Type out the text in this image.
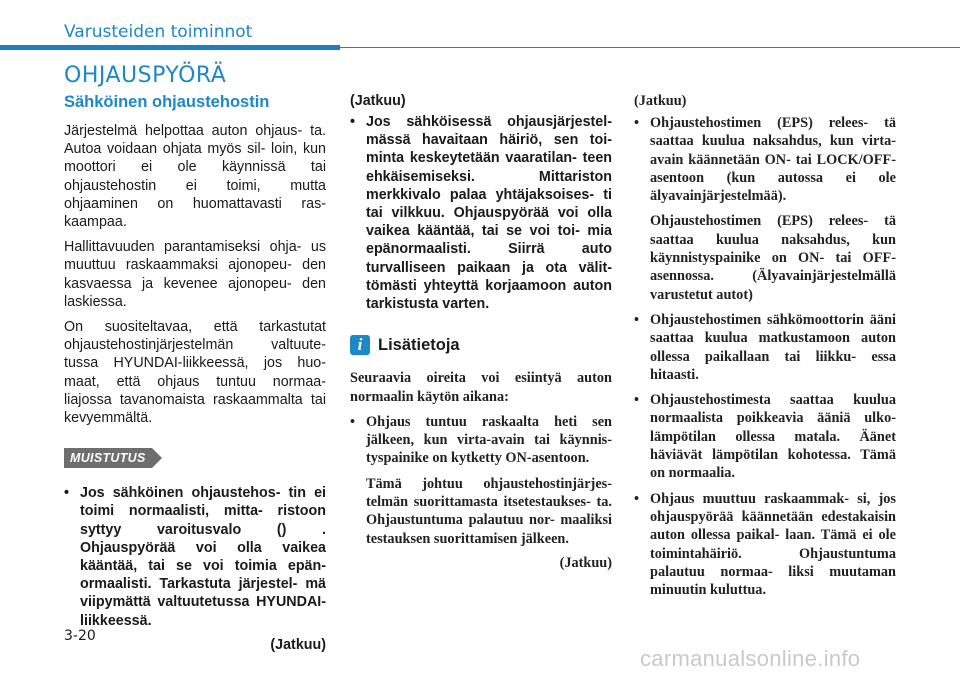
Varusteiden toiminnot
OHJAUSPYÖRÄ
Sähköinen ohjaustehostin

Järjestelmä helpottaa auton ohjaus- ta. Autoa voidaan ohjata myös sil- loin, kun moottori ei ole käynnissä tai ohjaustehostin ei toimi, mutta ohjaaminen on huomattavasti ras- kaampaa.

Hallittavuuden parantamiseksi ohja- us muuttuu raskaammaksi ajonopeu- den kasvaessa ja kevenee ajonopeu- den laskiessa.

On suositeltavaa, että tarkastutat ohjaustehostinjärjestelmän valtuute- tussa HYUNDAI-liikkeessä, jos huo- maat, että ohjaus tuntuu normaa- liajossa tavanomaista raskaammalta tai kevyemmältä.

MUISTUTUS
• Jos sähköinen ohjaustehos- tin ei toimi normaalisti, mitta- ristoon syttyy varoitusvalo () . Ohjauspyörää voi olla vaikea kääntää, tai se voi toimia epän- ormaalisti. Tarkastuta järjestel- mä viipymättä valtuutetussa HYUNDAI-liikkeessä.
(Jatkuu)
(Jatkuu)
• Jos sähköisessä ohjausjärjestel- mässä havaitaan häiriö, sen toi- minta keskeytetään vaaratilan- teen ehkäisemiseksi. Mittariston merkkivalo palaa yhtäjaksoises- ti tai vilkkuu. Ohjauspyörää voi olla vaikea kääntää, tai se voi toi- mia epänormaalisti. Siirrä auto turvalliseen paikaan ja ota välit- tömästi yhteyttä korjaamoon auton tarkistusta varten.
i Lisätietoja

Seuraavia oireita voi esiintyä auton normaalin käytön aikana:

• Ohjaus tuntuu raskaalta heti sen jälkeen, kun virta-avain tai käynnis- tyspainike on kytketty ON-asentoon.

Tämä johtuu ohjaustehostinjärjes- telmän suorittamasta itsetestaukses- ta. Ohjaustuntuma palautuu nor- maaliksi testauksen suorittamisen jälkeen.

(Jatkuu)
(Jatkuu)
• Ohjaustehostimen (EPS) relees- tä saattaa kuulua naksahdus, kun virta-avain käännetään ON- tai LOCK/OFF-asentoon (kun autossa ei ole älyavainjärjestelmää).

Ohjaustehostimen (EPS) relees- tä saattaa kuulua naksahdus, kun käynnistyspainike on ON- tai OFF- asennossa. (Älyavainjärjestelmällä varustetut autot)

• Ohjaustehostimen sähkömoottorin ääni saattaa kuulua matkustamoon auton ollessa paikallaan tai liikku- essa hitaasti.
• Ohjaustehostimesta saattaa kuulua normaalista poikkeavia ääniä ulko- lämpötilan ollessa matala. Äänet häviävät lämpötilan kohotessa. Tämä on normaalia.
• Ohjaus muuttuu raskaammak- si, jos ohjauspyörää käännetään edestakaisin auton ollessa paikal- laan. Tämä ei ole toimintahäiriö. Ohjaustuntuma palautuu normaa- liksi muutaman minuutin kuluttua.
3-20
carmanualsonline.info
